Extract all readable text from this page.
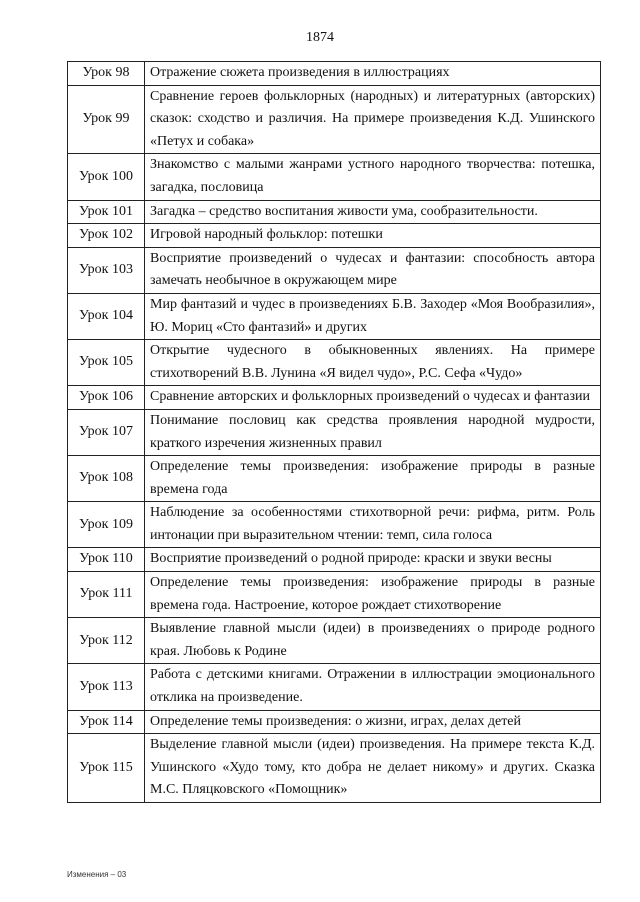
1874
Урок 98	Отражение сюжета произведения в иллюстрациях
Урок 99	Сравнение героев фольклорных (народных) и литературных (авторских) сказок: сходство и различия. На примере произведения К.Д. Ушинского «Петух и собака»
Урок 100	Знакомство с малыми жанрами устного народного творчества: потешка, загадка, пословица
Урок 101	Загадка – средство воспитания живости ума, сообразительности.
Урок 102	Игровой народный фольклор: потешки
Урок 103	Восприятие произведений о чудесах и фантазии: способность автора замечать необычное в окружающем мире
Урок 104	Мир фантазий и чудес в произведениях Б.В. Заходер «Моя Вообразилия», Ю. Мориц «Сто фантазий» и других
Урок 105	Открытие чудесного в обыкновенных явлениях. На примере стихотворений В.В. Лунина «Я видел чудо», Р.С. Сефа «Чудо»
Урок 106	Сравнение авторских и фольклорных произведений о чудесах и фантазии
Урок 107	Понимание пословиц как средства проявления народной мудрости, краткого изречения жизненных правил
Урок 108	Определение темы произведения: изображение природы в разные времена года
Урок 109	Наблюдение за особенностями стихотворной речи: рифма, ритм. Роль интонации при выразительном чтении: темп, сила голоса
Урок 110	Восприятие произведений о родной природе: краски и звуки весны
Урок 111	Определение темы произведения: изображение природы в разные времена года. Настроение, которое рождает стихотворение
Урок 112	Выявление главной мысли (идеи) в произведениях о природе родного края. Любовь к Родине
Урок 113	Работа с детскими книгами. Отражении в иллюстрации эмоционального отклика на произведение.
Урок 114	Определение темы произведения: о жизни, играх, делах детей
Урок 115	Выделение главной мысли (идеи) произведения. На примере текста К.Д. Ушинского «Худо тому, кто добра не делает никому» и других. Сказка М.С. Пляцковского «Помощник»
Изменения – 03
